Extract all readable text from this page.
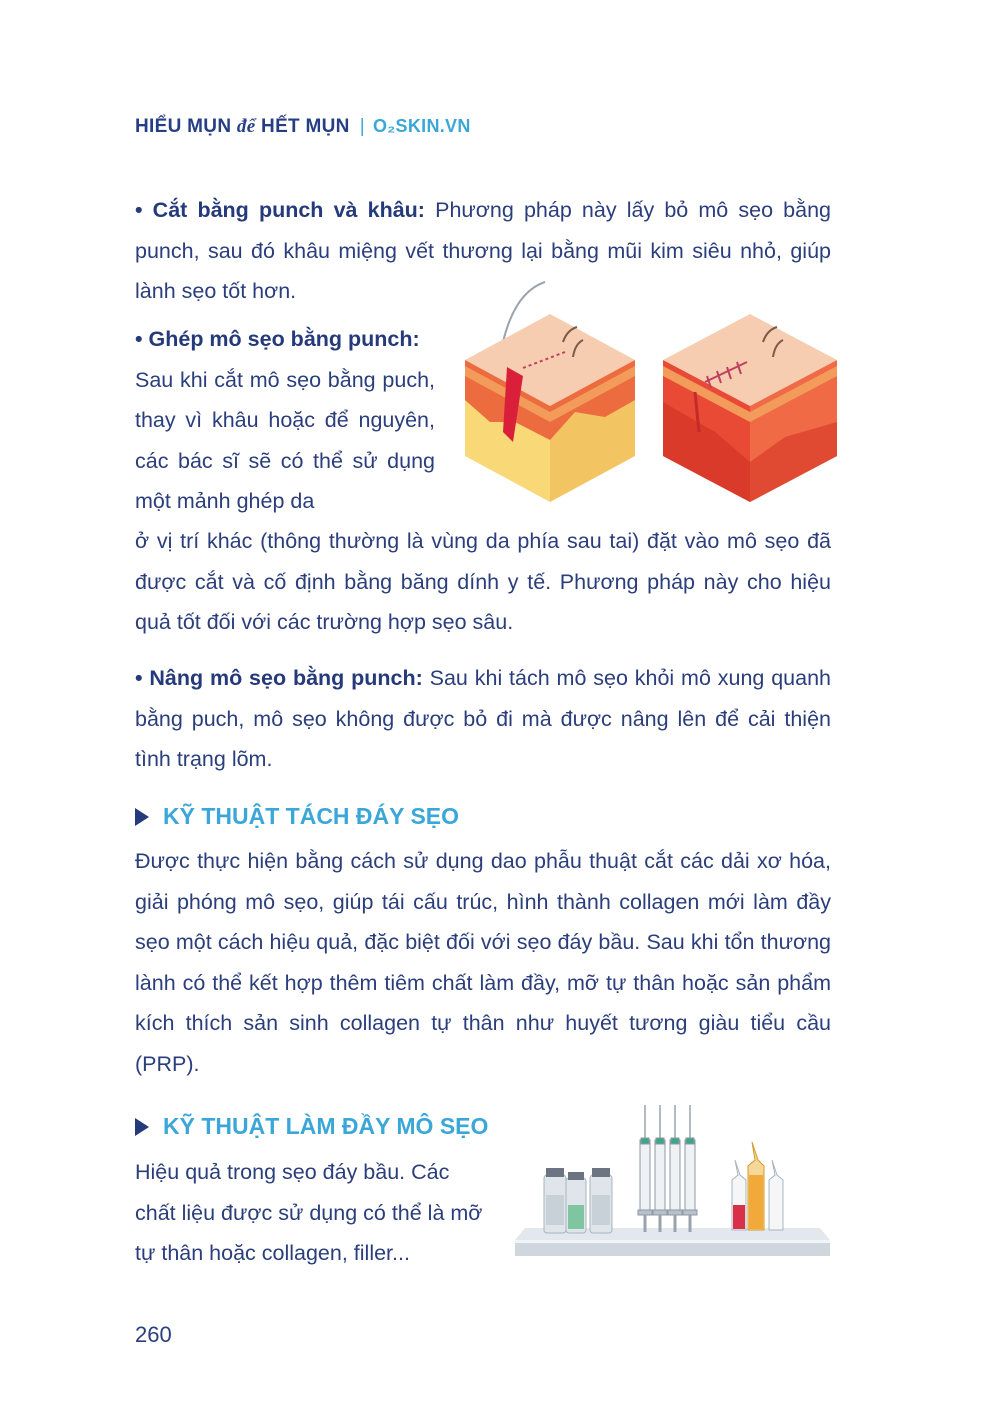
HIỂU MỤN để HẾT MỤN | O₂SKIN.VN
• Cắt bằng punch và khâu: Phương pháp này lấy bỏ mô sẹo bằng punch, sau đó khâu miệng vết thương lại bằng mũi kim siêu nhỏ, giúp lành sẹo tốt hơn.
• Ghép mô sẹo bằng punch:
Sau khi cắt mô sẹo bằng puch, thay vì khâu hoặc để nguyên, các bác sĩ sẽ có thể sử dụng một mảnh ghép da
ở vị trí khác (thông thường là vùng da phía sau tai) đặt vào mô sẹo đã được cắt và cố định bằng băng dính y tế. Phương pháp này cho hiệu quả tốt đối với các trường hợp sẹo sâu.
• Nâng mô sẹo bằng punch: Sau khi tách mô sẹo khỏi mô xung quanh bằng puch, mô sẹo không được bỏ đi mà được nâng lên để cải thiện tình trạng lõm.
KỸ THUẬT TÁCH ĐÁY SẸO
Được thực hiện bằng cách sử dụng dao phẫu thuật cắt các dải xơ hóa, giải phóng mô sẹo, giúp tái cấu trúc, hình thành collagen mới làm đầy sẹo một cách hiệu quả, đặc biệt đối với sẹo đáy bầu. Sau khi tổn thương lành có thể kết hợp thêm tiêm chất làm đầy, mỡ tự thân hoặc sản phẩm kích thích sản sinh collagen tự thân như huyết tương giàu tiểu cầu (PRP).
KỸ THUẬT LÀM ĐẦY MÔ SẸO
Hiệu quả trong sẹo đáy bầu. Các chất liệu được sử dụng có thể là mỡ tự thân hoặc collagen, filler...
260
